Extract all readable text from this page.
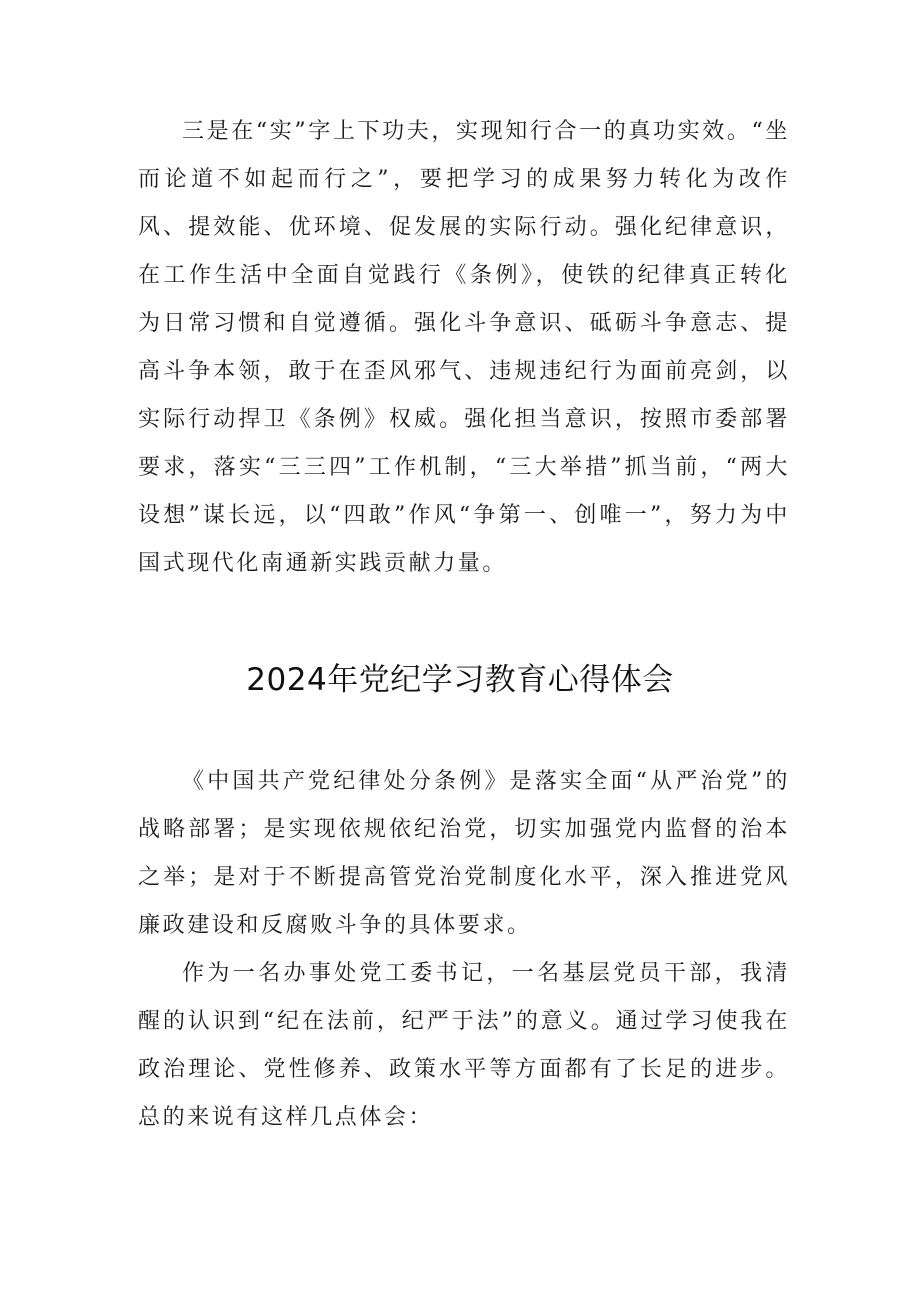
三是在“实”字上下功夫，实现知行合一的真功实效。“坐而论道不如起而行之”，要把学习的成果努力转化为改作风、提效能、优环境、促发展的实际行动。强化纪律意识，在工作生活中全面自觉践行《条例》，使铁的纪律真正转化为日常习惯和自觉遵循。强化斗争意识、砥砺斗争意志、提高斗争本领，敢于在歪风邪气、违规违纪行为面前亮剑，以实际行动捍卫《条例》权威。强化担当意识，按照市委部署要求，落实“三三四”工作机制，“三大举措”抓当前，“两大设想”谋长远，以“四敢”作风“争第一、创唯一”，努力为中国式现代化南通新实践贡献力量。

2024年党纪学习教育心得体会

《中国共产党纪律处分条例》是落实全面“从严治党”的战略部署；是实现依规依纪治党，切实加强党内监督的治本之举；是对于不断提高管党治党制度化水平，深入推进党风廉政建设和反腐败斗争的具体要求。

作为一名办事处党工委书记，一名基层党员干部，我清醒的认识到“纪在法前，纪严于法”的意义。通过学习使我在政治理论、党性修养、政策水平等方面都有了长足的进步。总的来说有这样几点体会：
